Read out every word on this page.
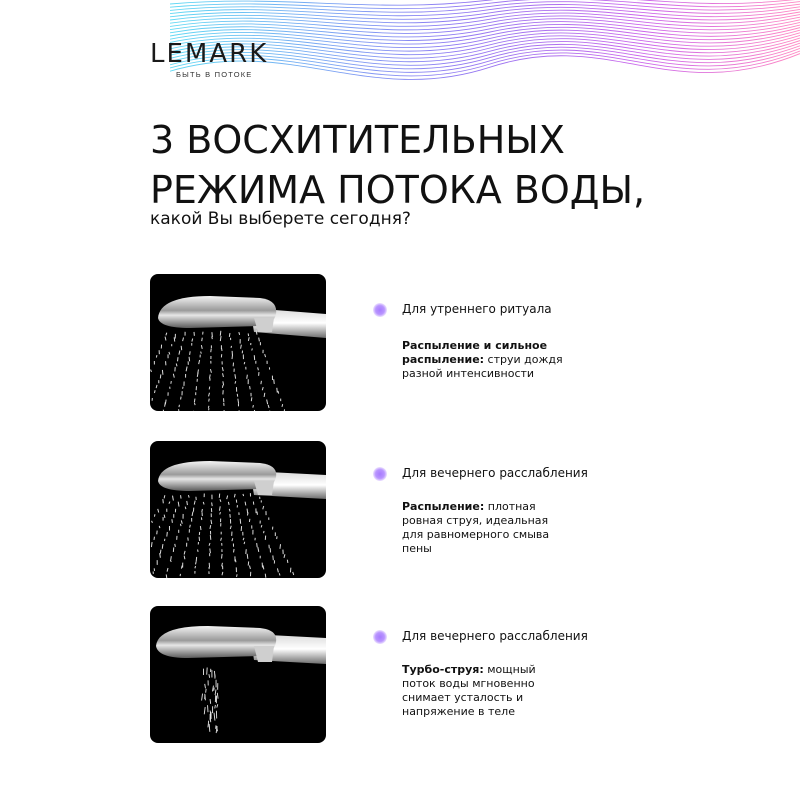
LEMARK
БЫТЬ В ПОТОКЕ
3 ВОСХИТИТЕЛЬНЫХ
РЕЖИМА ПОТОКА ВОДЫ,
какой Вы выберете сегодня?
Для утреннего ритуала
Распыление и сильное распыление: струи дождя разной интенсивности
Для вечернего расслабления
Распыление: плотная ровная струя, идеальная для равномерного смыва пены
Для вечернего расслабления
Турбо-струя: мощный поток воды мгновенно снимает усталость и напряжение в теле
